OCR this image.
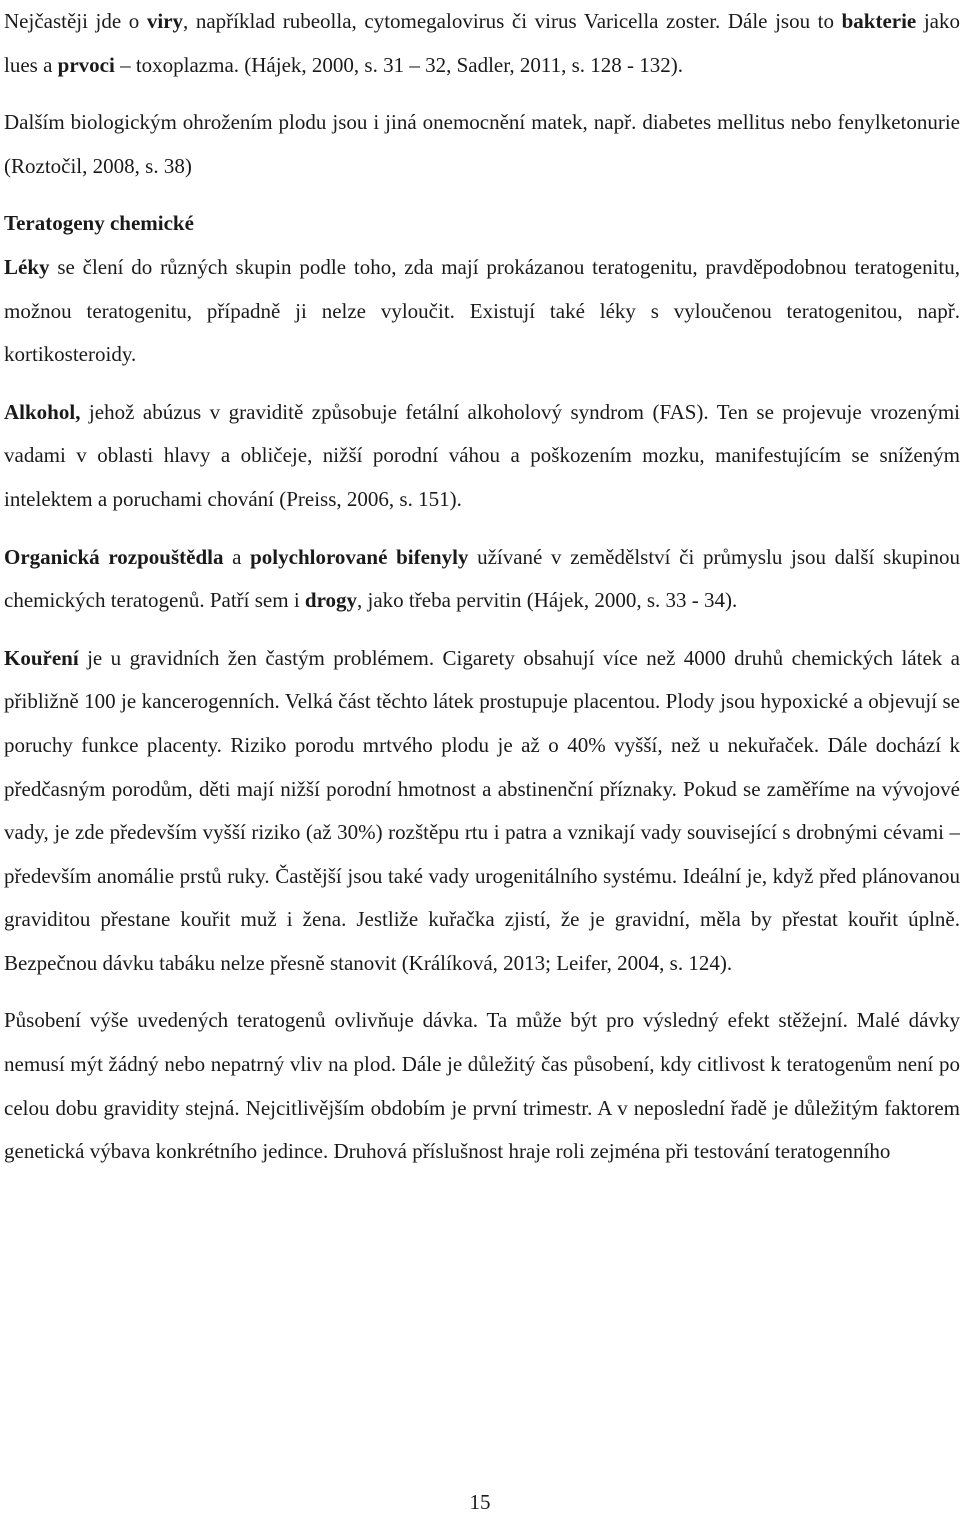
Nejčastěji jde o viry, například rubeolla, cytomegalovirus či virus Varicella zoster. Dále jsou to bakterie jako lues a prvoci – toxoplazma. (Hájek, 2000, s. 31 – 32, Sadler, 2011, s. 128 - 132).

Dalším biologickým ohrožením plodu jsou i jiná onemocnění matek, např. diabetes mellitus nebo fenylketonurie (Roztočil, 2008, s. 38)

Teratogeny chemické

Léky se člení do různých skupin podle toho, zda mají prokázanou teratogenitu, pravděpodobnou teratogenitu, možnou teratogenitu, případně ji nelze vyloučit. Existují také léky s vyloučenou teratogenitou, např. kortikosteroidy.

Alkohol, jehož abúzus v graviditě způsobuje fetální alkoholový syndrom (FAS). Ten se projevuje vrozenými vadami v oblasti hlavy a obličeje, nižší porodní váhou a poškozením mozku, manifestujícím se sníženým intelektem a poruchami chování (Preiss, 2006, s. 151).

Organická rozpouštědla a polychlorované bifenyly užívané v zemědělství či průmyslu jsou další skupinou chemických teratogenů. Patří sem i drogy, jako třeba pervitin (Hájek, 2000, s. 33 - 34).

Kouření je u gravidních žen častým problémem. Cigarety obsahují více než 4000 druhů chemických látek a přibližně 100 je kancerogenních. Velká část těchto látek prostupuje placentou. Plody jsou hypoxické a objevují se poruchy funkce placenty. Riziko porodu mrtvého plodu je až o 40% vyšší, než u nekuřaček. Dále dochází k předčasným porodům, děti mají nižší porodní hmotnost a abstinenční příznaky. Pokud se zaměříme na vývojové vady, je zde především vyšší riziko (až 30%) rozštěpu rtu i patra a vznikají vady související s drobnými cévami – především anomálie prstů ruky. Častější jsou také vady urogenitálního systému. Ideální je, když před plánovanou graviditou přestane kouřit muž i žena. Jestliže kuřačka zjistí, že je gravidní, měla by přestat kouřit úplně. Bezpečnou dávku tabáku nelze přesně stanovit (Králíková, 2013; Leifer, 2004, s. 124).

Působení výše uvedených teratogenů ovlivňuje dávka. Ta může být pro výsledný efekt stěžejní. Malé dávky nemusí mýt žádný nebo nepatrný vliv na plod. Dále je důležitý čas působení, kdy citlivost k teratogenům není po celou dobu gravidity stejná. Nejcitlivějším obdobím je první trimestr. A v neposlední řadě je důležitým faktorem genetická výbava konkrétního jedince. Druhová příslušnost hraje roli zejména při testování teratogenního

15
